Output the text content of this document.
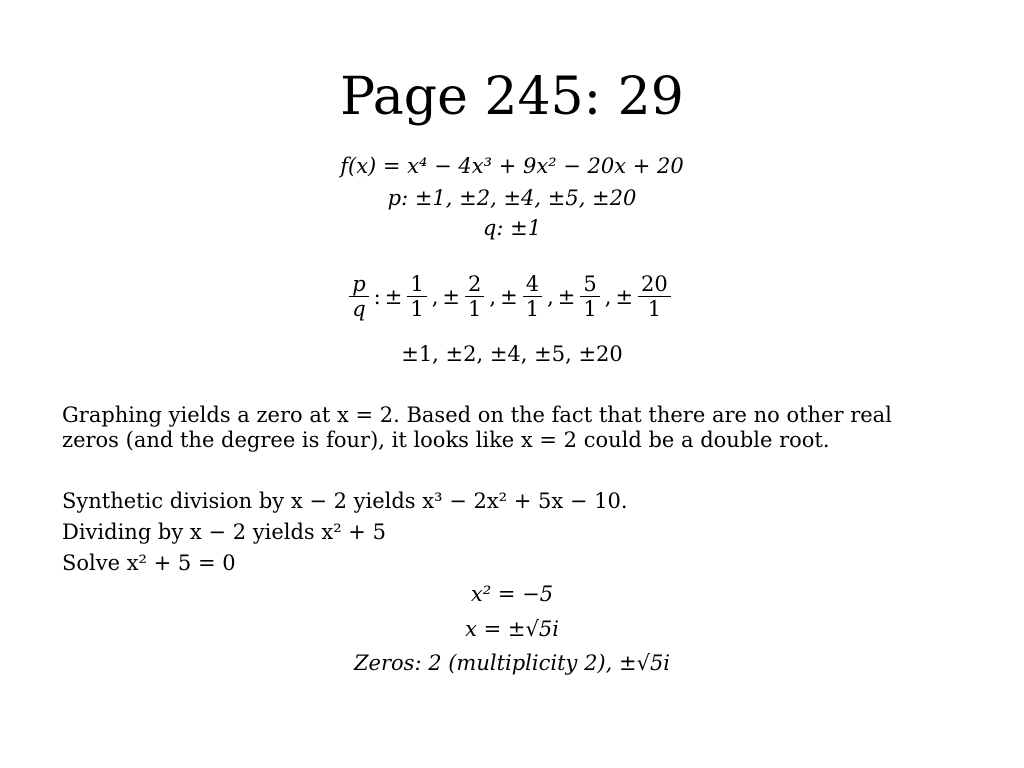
Page 245: 29
f(x) = x⁴ − 4x³ + 9x² − 20x + 20
p: ±1, ±2, ±4, ±5, ±20
q: ±1
$\frac{p}{q}$ : ± $\frac{1}{1}$ , ± $\frac{2}{1}$ , ± $\frac{4}{1}$ , ± $\frac{5}{1}$ , ± $\frac{20}{1}$
±1, ±2, ±4, ±5, ±20
Graphing yields a zero at x = 2. Based on the fact that there are no other real
zeros (and the degree is four), it looks like x = 2 could be a double root.
Synthetic division by x − 2 yields x³ − 2x² + 5x − 10.
Dividing by x − 2 yields x² + 5
Solve x² + 5 = 0
x² = −5
x = ±√5i
Zeros: 2 (multiplicity 2), ±√5i
